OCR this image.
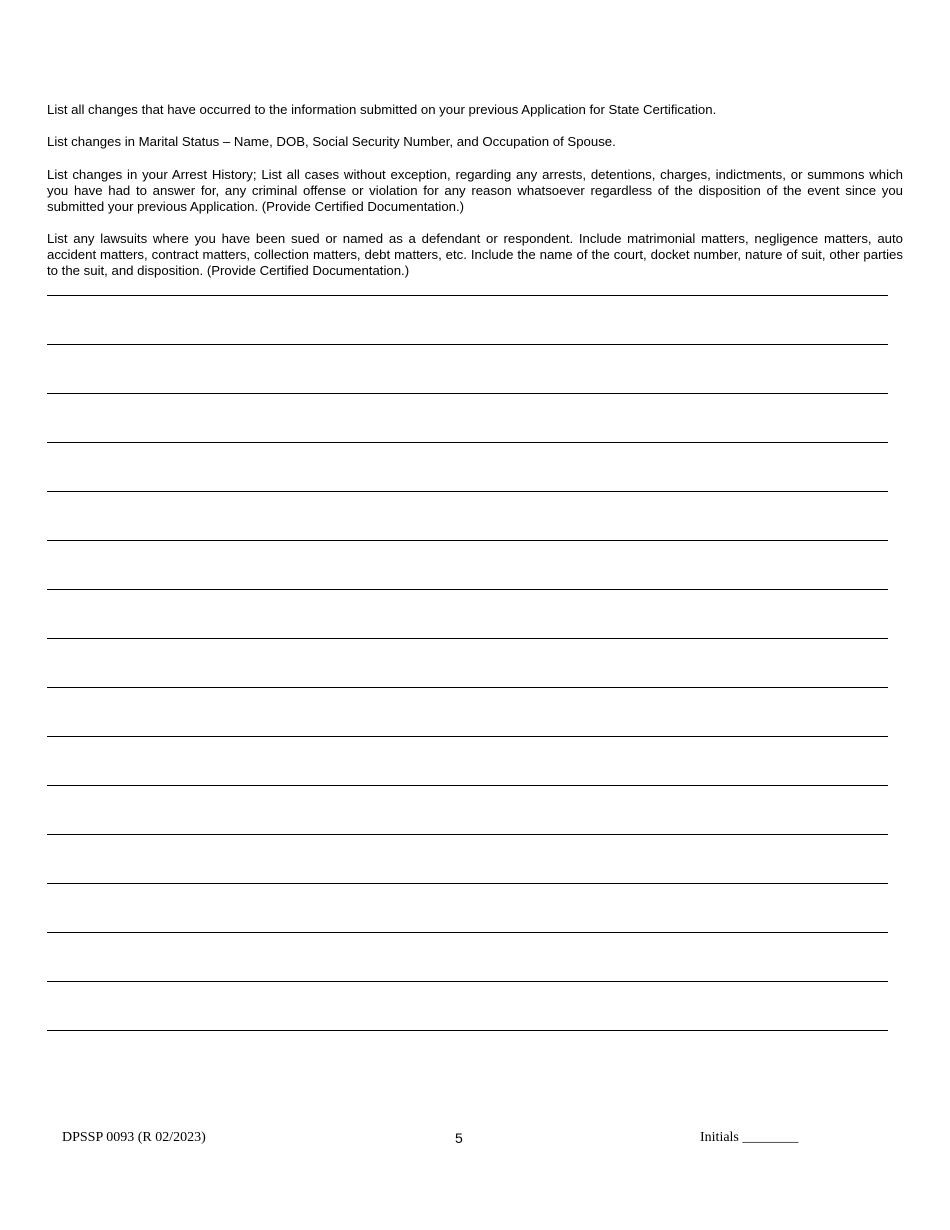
List all changes that have occurred to the information submitted on your previous Application for State Certification.

List changes in Marital Status – Name, DOB, Social Security Number, and Occupation of Spouse.

List changes in your Arrest History; List all cases without exception, regarding any arrests, detentions, charges, indictments, or summons which you have had to answer for, any criminal offense or violation for any reason whatsoever regardless of the disposition of the event since you submitted your previous Application. (Provide Certified Documentation.)

List any lawsuits where you have been sued or named as a defendant or respondent. Include matrimonial matters, negligence matters, auto accident matters, contract matters, collection matters, debt matters, etc. Include the name of the court, docket number, nature of suit, other parties to the suit, and disposition. (Provide Certified Documentation.)

DPSSP 0093 (R 02/2023)	5	Initials ________
